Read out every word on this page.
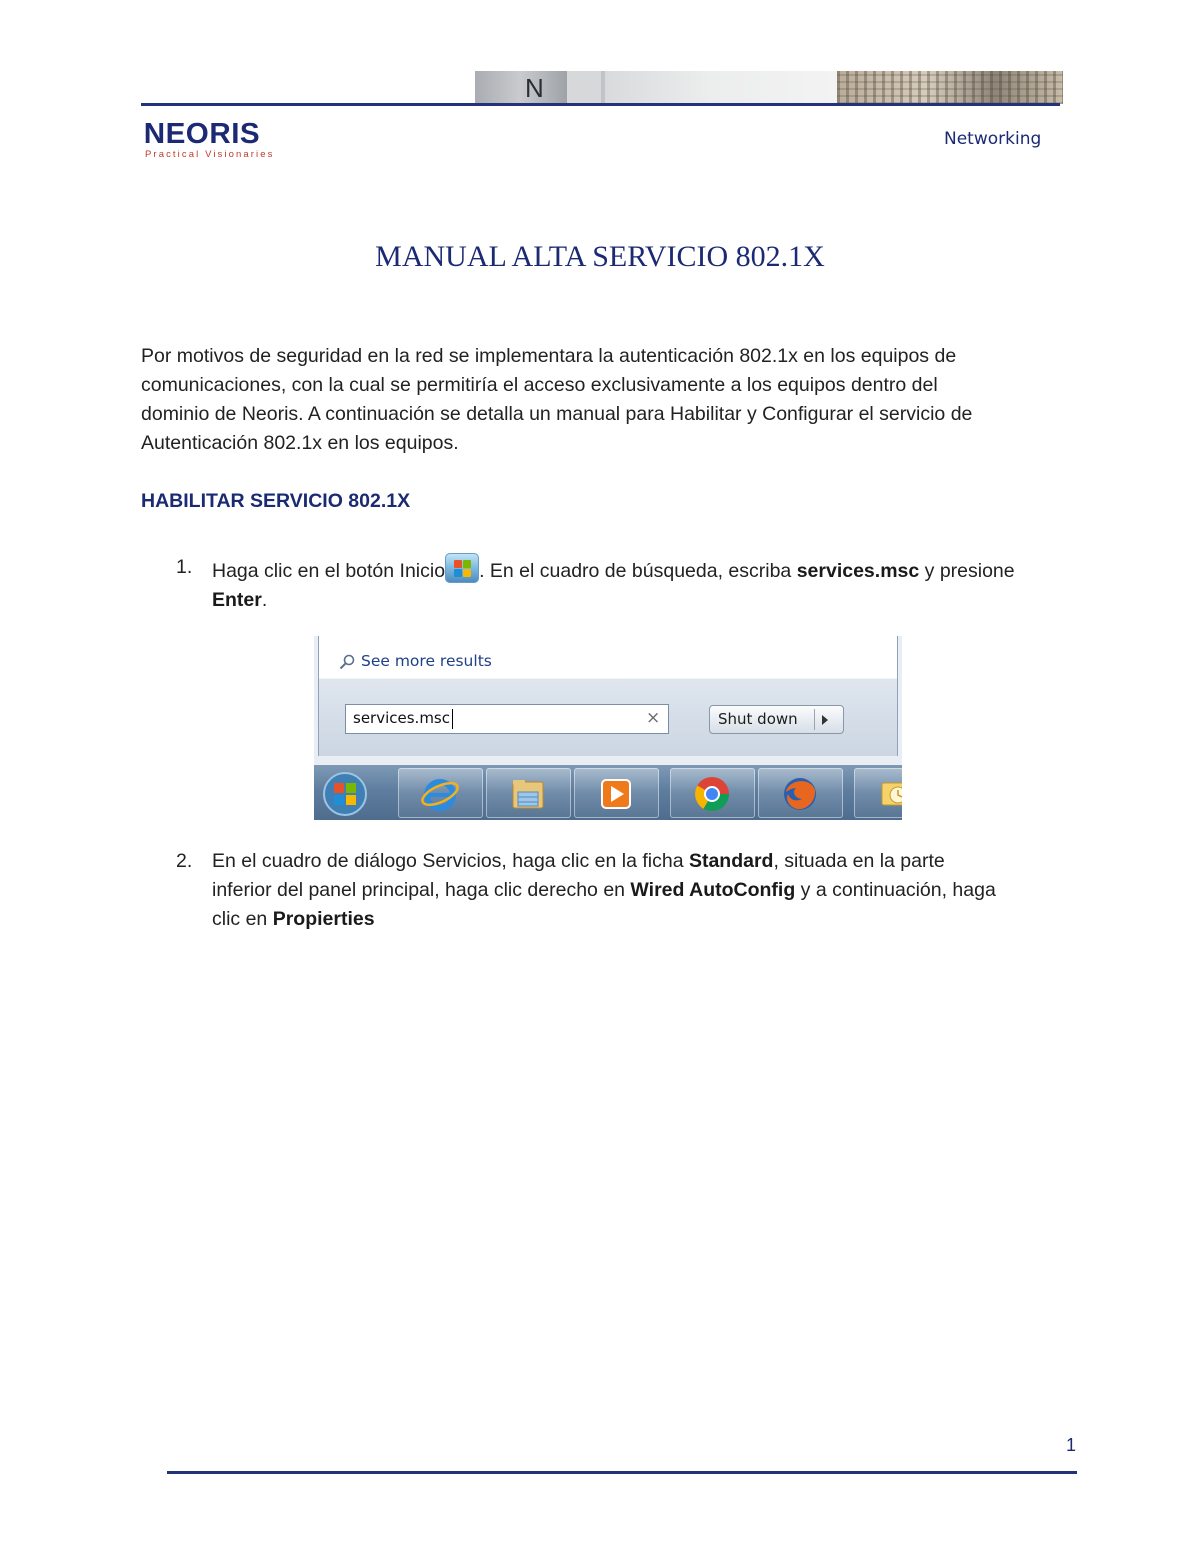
N
NEORIS
Practical Visionaries
Networking
MANUAL ALTA SERVICIO 802.1X

Por motivos de seguridad en la red se implementara la autenticación 802.1x en los equipos de

comunicaciones, con la cual se permitiría el acceso exclusivamente a los equipos dentro del

dominio de Neoris. A continuación se detalla un manual para Habilitar y Configurar el servicio de

Autenticación 802.1x en los equipos.

HABILITAR SERVICIO 802.1X
1. Haga clic en el botón Inicio . En el cuadro de búsqueda, escriba services.msc y presione

Enter.

See more results
services.msc	×	Shut down
2. En el cuadro de diálogo Servicios, haga clic en la ficha Standard, situada en la parte

inferior del panel principal, haga clic derecho en Wired AutoConfig y a continuación, haga

clic en Propierties

1
